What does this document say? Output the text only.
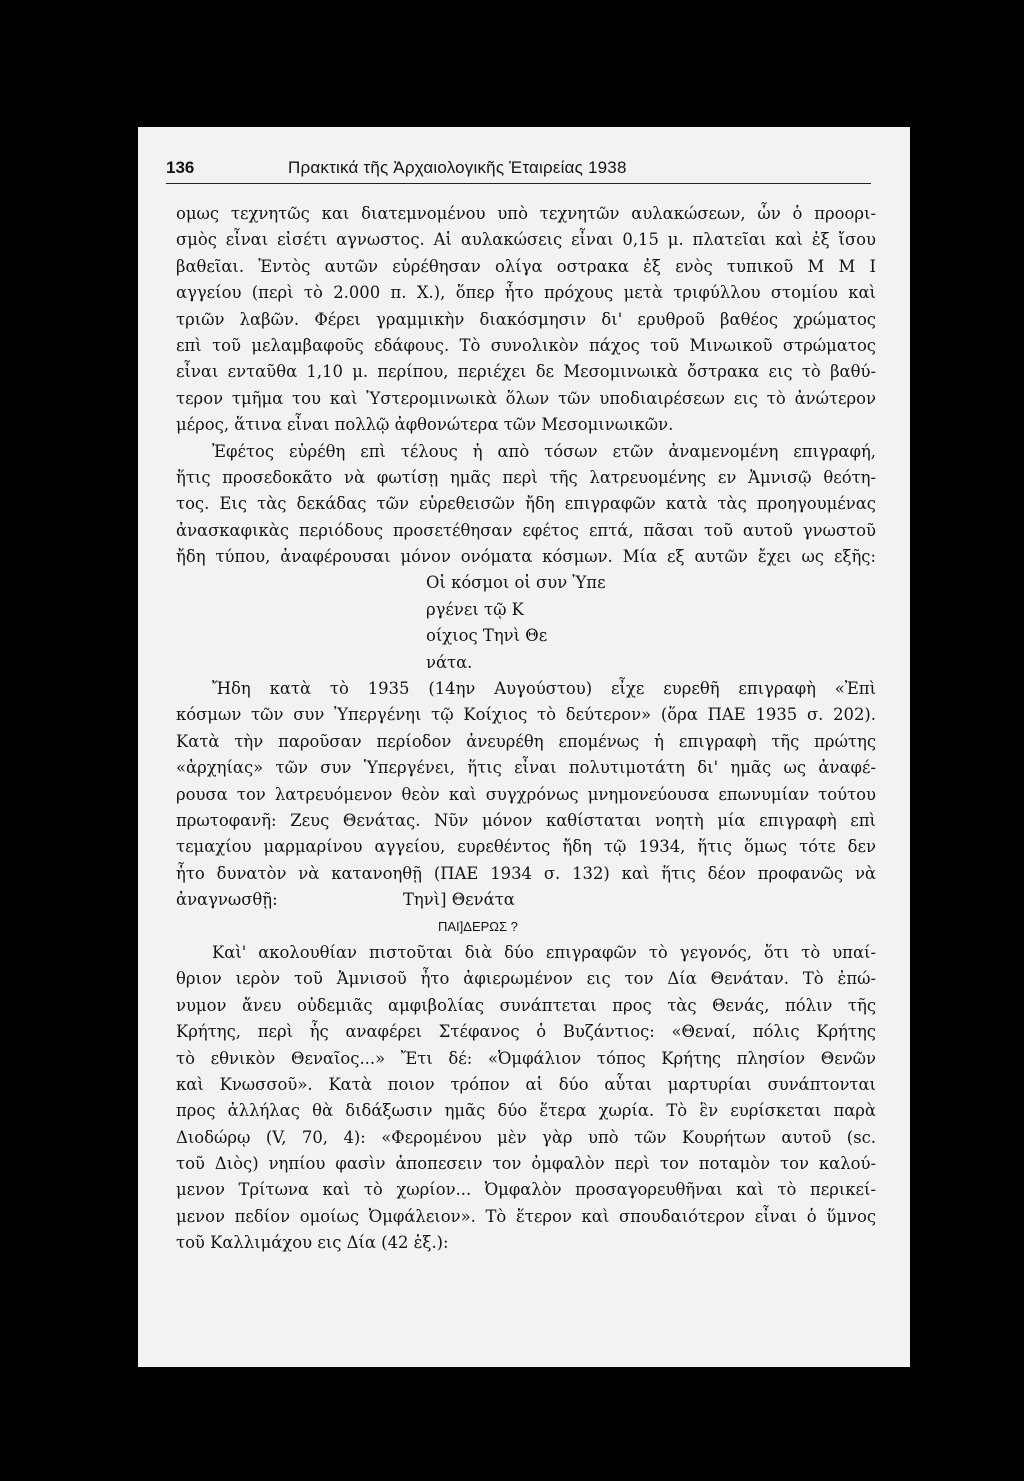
136	Πρακτικά τῆς Ἀρχαιολογικῆς Ἑταιρείας 1938
ομως τεχνητῶς και διατεμνομένου υπὸ τεχνητῶν αυλακώσεων, ὧν ὁ προορι-
σμὸς εἶναι εἰσέτι αγνωστος. Αἱ αυλακώσεις εἶναι 0,15 μ. πλατεῖαι καὶ ἐξ ἴσου
βαθεῖαι. Ἐντὸς αυτῶν εὑρέθησαν ολίγα οστρακα ἐξ ενὸς τυπικοῦ Μ Μ Ι
αγγείου (περὶ τὸ 2.000 π. Χ.), ὅπερ ἦτο πρόχους μετὰ τριφύλλου στομίου καὶ
τριῶν λαβῶν. Φέρει γραμμικὴν διακόσμησιν δι' ερυθροῦ βαθέος χρώματος
επὶ τοῦ μελαμβαφοῦς εδάφους. Τὸ συνολικὸν πάχος τοῦ Μινωικοῦ στρώματος
εἶναι ενταῦθα 1,10 μ. περίπου, περιέχει δε Μεσομινωικὰ ὄστρακα εις τὸ βαθύ-
τερον τμῆμα του καὶ Ὑστερομινωικὰ ὅλων τῶν υποδιαιρέσεων εις τὸ ἀνώτερον
μέρος, ἅτινα εἶναι πολλῷ ἀφθονώτερα τῶν Μεσομινωικῶν.
Ἐφέτος εὑρέθη επὶ τέλους ἡ απὸ τόσων ετῶν ἀναμενομένη επιγραφή,
ἥτις προσεδοκᾶτο νὰ φωτίσῃ ημᾶς περὶ τῆς λατρευομένης εν Ἀμνισῷ θεότη-
τος. Εις τὰς δεκάδας τῶν εὑρεθεισῶν ἤδη επιγραφῶν κατὰ τὰς προηγουμένας
ἀνασκαφικὰς περιόδους προσετέθησαν εφέτος επτά, πᾶσαι τοῦ αυτοῦ γνωστοῦ
ἤδη τύπου, ἀναφέρουσαι μόνον ονόματα κόσμων. Μία εξ αυτῶν ἔχει ως εξῆς:
Οἱ κόσμοι οἱ συν Ὑπε
ργένει τῷ Κ
οίχιος Τηνὶ Θε
νάτα.
Ἤδη κατὰ τὸ 1935 (14ην Αυγούστου) εἶχε ευρεθῆ επιγραφὴ «Ἐπὶ
κόσμων τῶν συν Ὑπεργένηι τῷ Κοίχιος τὸ δεύτερον» (ὅρα ΠΑΕ 1935 σ. 202).
Κατὰ τὴν παροῦσαν περίοδον ἀνευρέθη επομένως ἡ επιγραφὴ τῆς πρώτης
«ἀρχηίας» τῶν συν Ὑπεργένει, ἥτις εἶναι πολυτιμοτάτη δι' ημᾶς ως ἀναφέ-
ρουσα τον λατρευόμενον θεὸν καὶ συγχρόνως μνημονεύουσα επωνυμίαν τούτου
πρωτοφανῆ: Ζευς Θενάτας. Νῦν μόνον καθίσταται νοητὴ μία επιγραφὴ επὶ
τεμαχίου μαρμαρίνου αγγείου, ευρεθέντος ἤδη τῷ 1934, ἥτις ὅμως τότε δεν
ἦτο δυνατὸν νὰ κατανοηθῇ (ΠΑΕ 1934 σ. 132) καὶ ἥτις δέον προφανῶς νὰ
ἀναγνωσθῇ:	Τηνὶ] Θενάτα
ΠΑΙ]ΔΕΡΩΣ ?
Καὶ' ακολουθίαν πιστοῦται διὰ δύο επιγραφῶν τὸ γεγονός, ὅτι τὸ υπαί-
θριον ιερὸν τοῦ Ἀμνισοῦ ἦτο ἀφιερωμένον εις τον Δία Θενάταν. Τὸ ἐπώ-
νυμον ἄνευ οὐδεμιᾶς αμφιβολίας συνάπτεται προς τὰς Θενάς, πόλιν τῆς
Κρήτης, περὶ ἧς αναφέρει Στέφανος ὁ Βυζάντιος: «Θεναί, πόλις Κρήτης
τὸ εθνικὸν Θεναῖος...» Ἔτι δέ: «Ὀμφάλιον τόπος Κρήτης πλησίον Θενῶν
καὶ Κνωσσοῦ». Κατὰ ποιον τρόπον αἱ δύο αὗται μαρτυρίαι συνάπτονται
προς ἀλλήλας θὰ διδάξωσιν ημᾶς δύο ἕτερα χωρία. Τὸ ἓν ευρίσκεται παρὰ
Διοδώρῳ (V, 70, 4): «Φερομένου μὲν γὰρ υπὸ τῶν Κουρήτων αυτοῦ (sc.
τοῦ Διὸς) νηπίου φασὶν ἀποπεσειν τον ὀμφαλὸν περὶ τον ποταμὸν τον καλού-
μενον Τρίτωνα καὶ τὸ χωρίον... Ὀμφαλὸν προσαγορευθῆναι καὶ τὸ περικεί-
μενον πεδίον ομοίως Ὀμφάλειον». Τὸ ἕτερον καὶ σπουδαιότερον εἶναι ὁ ὕμνος
τοῦ Καλλιμάχου εις Δία (42 ἑξ.):
